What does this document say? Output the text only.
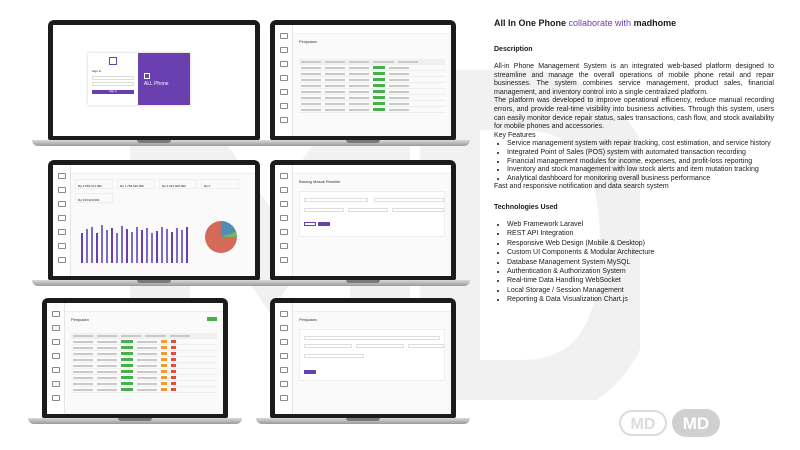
Sign In
Sign In
ALL Phone
Penjualan
Rp 2.563.471.092	Rp 1.752.620.000	Rp 4.012.900.000	Rp 0
Rp 333.320.000
Barang Masuk Reseller
Penjualan	Penjualan
All In One Phone collaborate with madhome
Description
All-in Phone Management System is an integrated web-based platform designed to streamline and manage the overall operations of mobile phone retail and repair businesses. The system combines service management, product sales, financial management, and inventory control into a single centralized platform.
The platform was developed to improve operational efficiency, reduce manual recording errors, and provide real-time visibility into business activities. Through this system, users can easily monitor device repair status, sales transactions, cash flow, and stock availability for mobile phones and accessories.
Key Features
• Service management system with repair tracking, cost estimation, and service history
• Integrated Point of Sales (POS) system with automated transaction recording
• Financial management modules for income, expenses, and profit-loss reporting
• Inventory and stock management with low stock alerts and item mutation tracking
• Analytical dashboard for monitoring overall business performance
Fast and responsive notification and data search system
Technologies Used
• Web Framework Laravel
• REST API Integration
• Responsive Web Design (Mobile & Desktop)
• Custom UI Components & Modular Architecture
• Database Management System MySQL
• Authentication & Authorization System
• Real-time Data Handling WebSocket
• Local Storage / Session Management
• Reporting & Data Visualization Chart.js
MD MD
